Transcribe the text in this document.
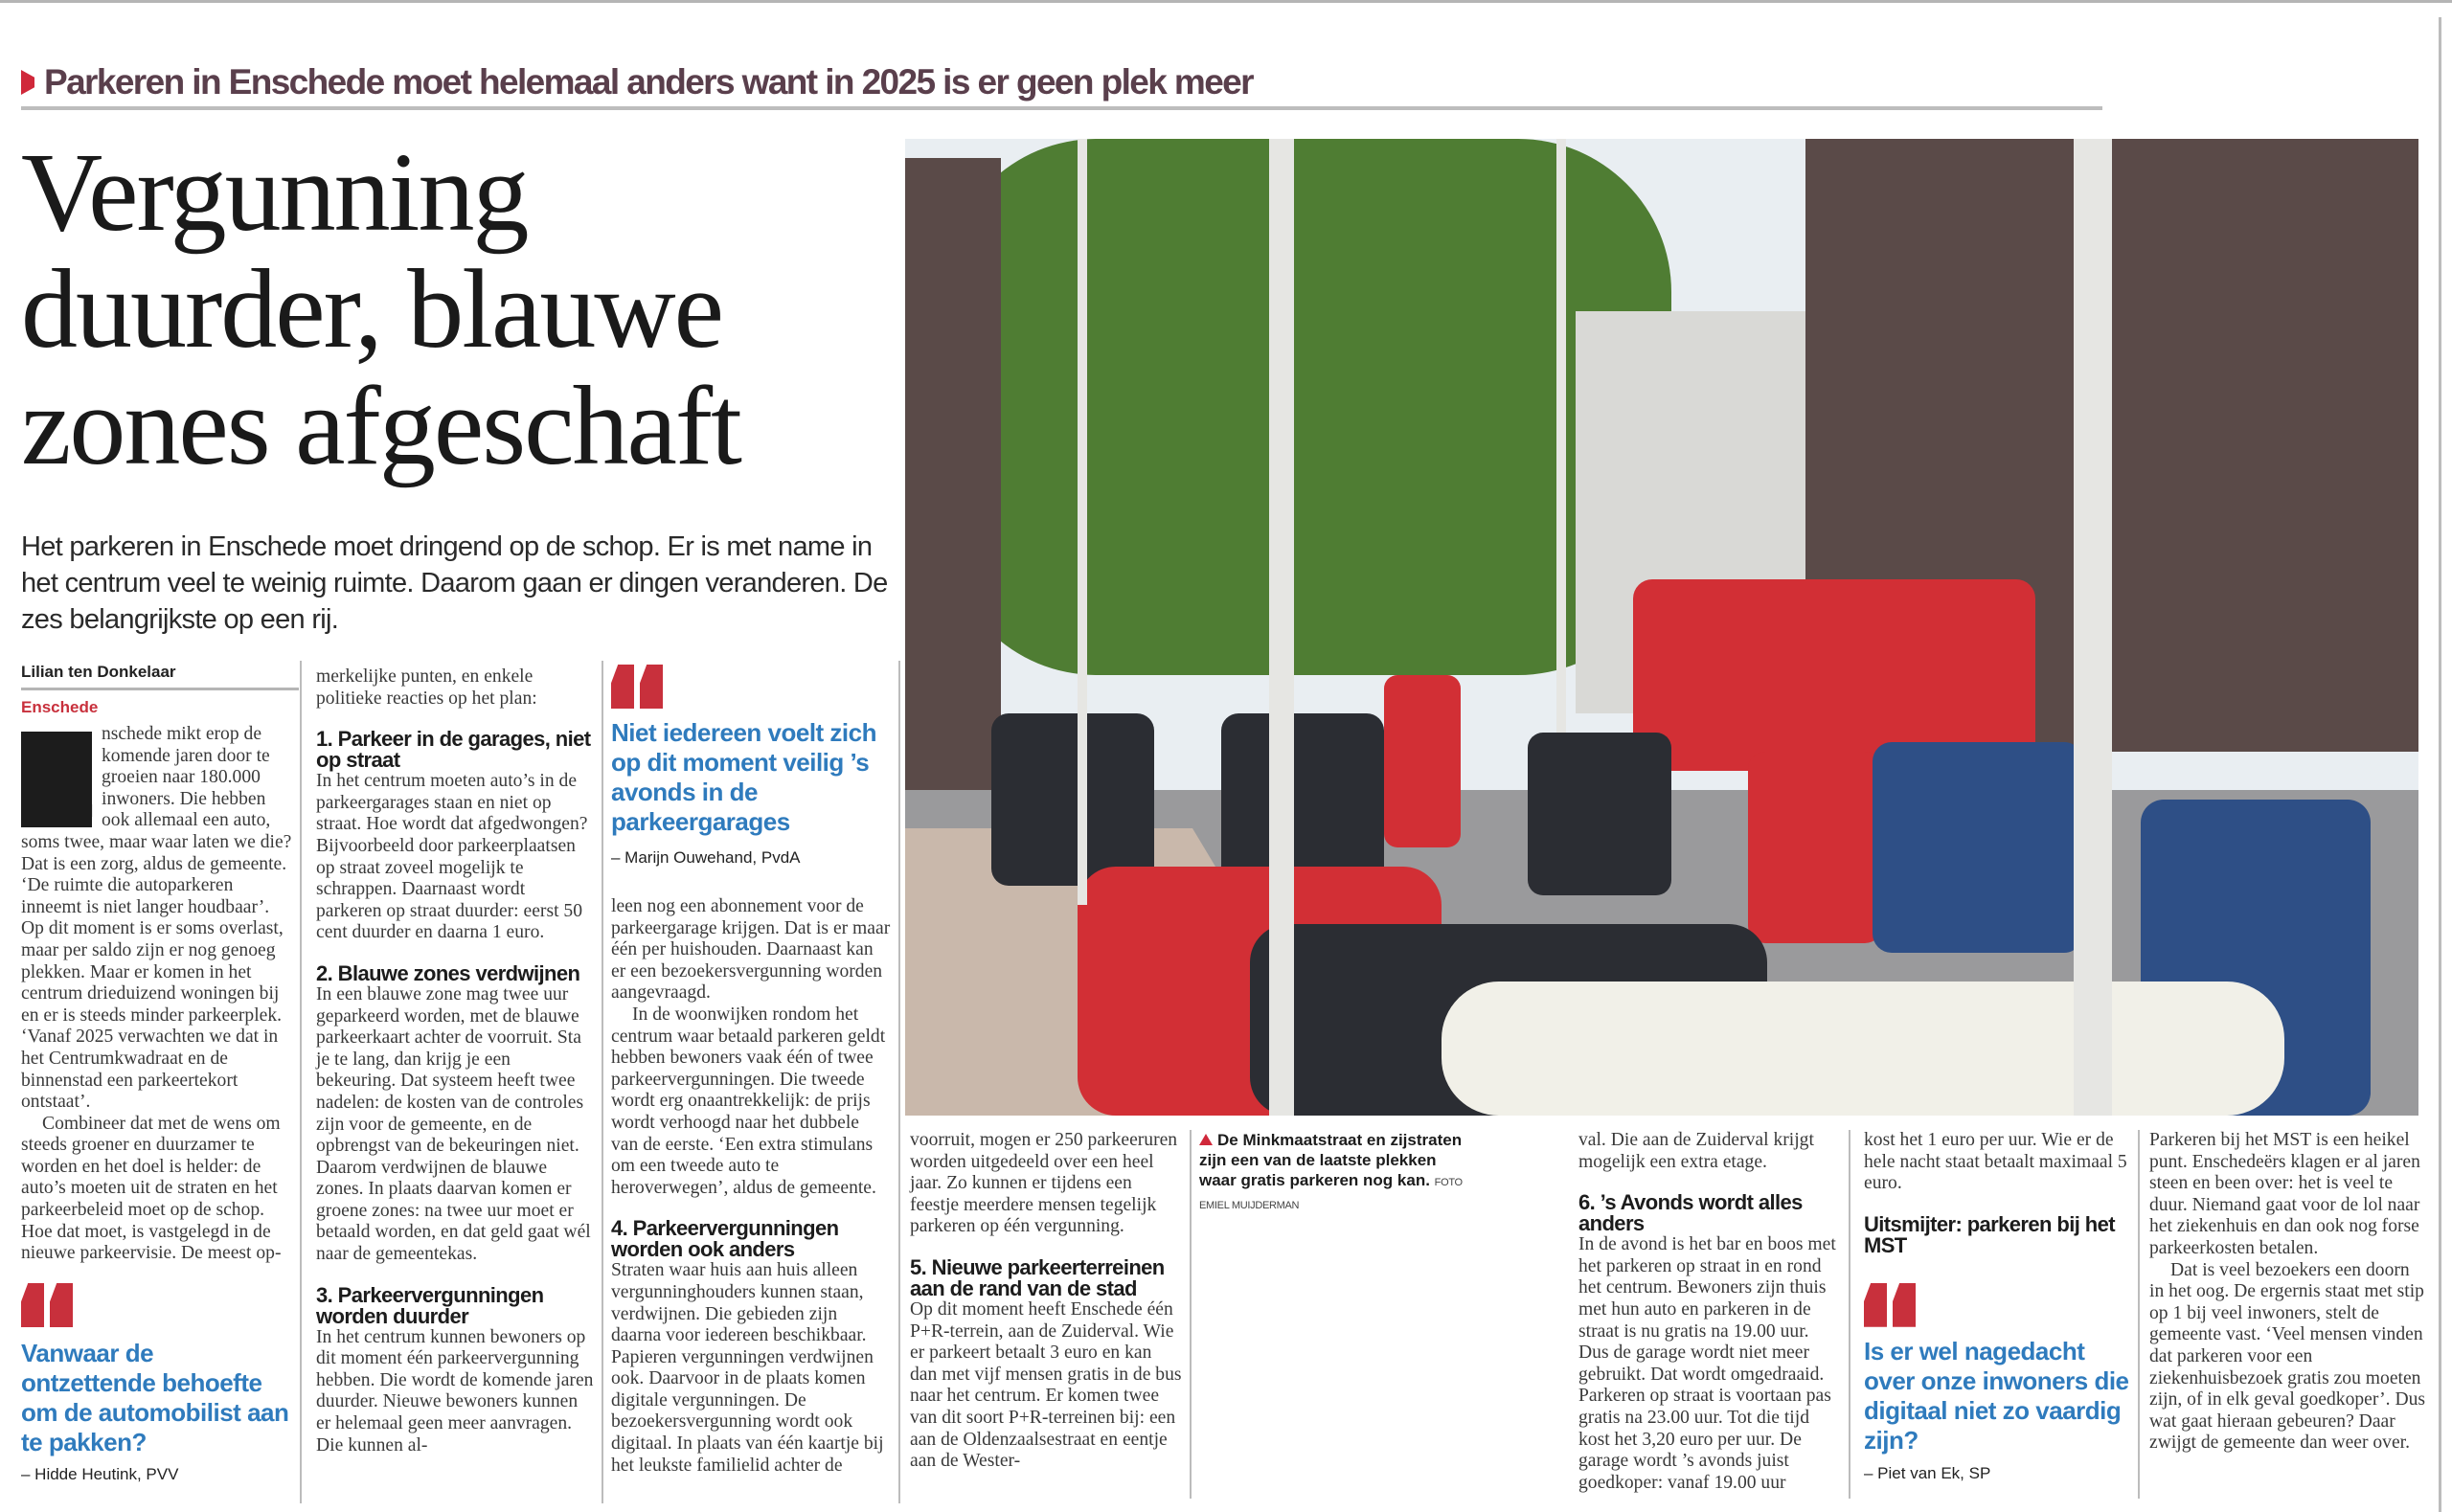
Parkeren in Enschede moet helemaal anders want in 2025 is er geen plek meer
Vergunning
duurder, blauwe
zones afgeschaft
Het parkeren in Enschede moet dringend op de schop. Er is met name in het centrum veel te weinig ruimte. Daarom gaan er dingen veranderen. De zes belangrijkste op een rij.
Lilian ten Donkelaar
Enschede
E nschede mikt erop de komende jaren door te groeien naar 180.000 inwoners. Die hebben ook allemaal een auto, soms twee, maar waar laten we die? Dat is een zorg, aldus de gemeente. ‘De ruimte die autoparkeren inneemt is niet langer houdbaar’. Op dit moment is er soms overlast, maar per saldo zijn er nog genoeg plekken. Maar er komen in het centrum drieduizend woningen bij en er is steeds minder parkeerplek. ‘Vanaf 2025 verwachten we dat in het Centrumkwadraat en de binnenstad een parkeertekort ontstaat’.

Combineer dat met de wens om steeds groener en duurzamer te worden en het doel is helder: de auto’s moeten uit de straten en het parkeerbeleid moet op de schop. Hoe dat moet, is vastgelegd in de nieuwe parkeervisie. De meest op-

Vanwaar de ontzettende behoefte om de automobilist aan te pakken?
– Hidde Heutink, PVV

merkelijke punten, en enkele politieke reacties op het plan:

1. Parkeer in de garages, niet op straat

In het centrum moeten auto’s in de parkeergarages staan en niet op straat. Hoe wordt dat afgedwongen? Bijvoorbeeld door parkeerplaatsen op straat zoveel mogelijk te schrappen. Daarnaast wordt parkeren op straat duurder: eerst 50 cent duurder en daarna 1 euro.

2. Blauwe zones verdwijnen

In een blauwe zone mag twee uur geparkeerd worden, met de blauwe parkeerkaart achter de voorruit. Sta je te lang, dan krijg je een bekeuring. Dat systeem heeft twee nadelen: de kosten van de controles zijn voor de gemeente, en de opbrengst van de bekeuringen niet. Daarom verdwijnen de blauwe zones. In plaats daarvan komen er groene zones: na twee uur moet er betaald worden, en dat geld gaat wél naar de gemeentekas.

3. Parkeervergunningen worden duurder

In het centrum kunnen bewoners op dit moment één parkeervergunning hebben. Die wordt de komende jaren duurder. Nieuwe bewoners kunnen er helemaal geen meer aanvragen. Die kunnen al-

Niet iedereen voelt zich op dit moment veilig ’s avonds in de parkeergarages
– Marijn Ouwehand, PvdA

leen nog een abonnement voor de parkeergarage krijgen. Dat is er maar één per huishouden. Daarnaast kan er een bezoekersvergunning worden aangevraagd.

In de woonwijken rondom het centrum waar betaald parkeren geldt hebben bewoners vaak één of twee parkeervergunningen. Die tweede wordt erg onaantrekkelijk: de prijs wordt verhoogd naar het dubbele van de eerste. ‘Een extra stimulans om een tweede auto te heroverwegen’, aldus de gemeente.

4. Parkeervergunningen worden ook anders

Straten waar huis aan huis alleen vergunninghouders kunnen staan, verdwijnen. Die gebieden zijn daarna voor iedereen beschikbaar. Papieren vergunningen verdwijnen ook. Daarvoor in de plaats komen digitale vergunningen. De bezoekersvergunning wordt ook digitaal. In plaats van één kaartje bij het leukste familielid achter de

voorruit, mogen er 250 parkeeruren worden uitgedeeld over een heel jaar. Zo kunnen er tijdens een feestje meerdere mensen tegelijk parkeren op één vergunning.

5. Nieuwe parkeerterreinen aan de rand van de stad

Op dit moment heeft Enschede één P+R-terrein, aan de Zuiderval. Wie er parkeert betaalt 3 euro en kan dan met vijf mensen gratis in de bus naar het centrum. Er komen twee van dit soort P+R-terreinen bij: een aan de Oldenzaalsestraat en eentje aan de Wester-

De Minkmaatstraat en zijstraten zijn een van de laatste plekken waar gratis parkeren nog kan. FOTO EMIEL MUIJDERMAN

val. Die aan de Zuiderval krijgt mogelijk een extra etage.

6. ’s Avonds wordt alles anders

In de avond is het bar en boos met het parkeren op straat in en rond het centrum. Bewoners zijn thuis met hun auto en parkeren in de straat is nu gratis na 19.00 uur. Dus de garage wordt niet meer gebruikt. Dat wordt omgedraaid. Parkeren op straat is voortaan pas gratis na 23.00 uur. Tot die tijd kost het 3,20 euro per uur. De garage wordt ’s avonds juist goedkoper: vanaf 19.00 uur

kost het 1 euro per uur. Wie er de hele nacht staat betaalt maximaal 5 euro.

Uitsmijter: parkeren bij het MST
Is er wel nagedacht over onze inwoners die digitaal niet zo vaardig zijn?
– Piet van Ek, SP

Parkeren bij het MST is een heikel punt. Enschedeërs klagen er al jaren steen en been over: het is veel te duur. Niemand gaat voor de lol naar het ziekenhuis en dan ook nog forse parkeerkosten betalen.

Dat is veel bezoekers een doorn in het oog. De ergernis staat met stip op 1 bij veel inwoners, stelt de gemeente vast. ‘Veel mensen vinden dat parkeren voor een ziekenhuisbezoek gratis zou moeten zijn, of in elk geval goedkoper’. Dus wat gaat hieraan gebeuren? Daar zwijgt de gemeente dan weer over.
